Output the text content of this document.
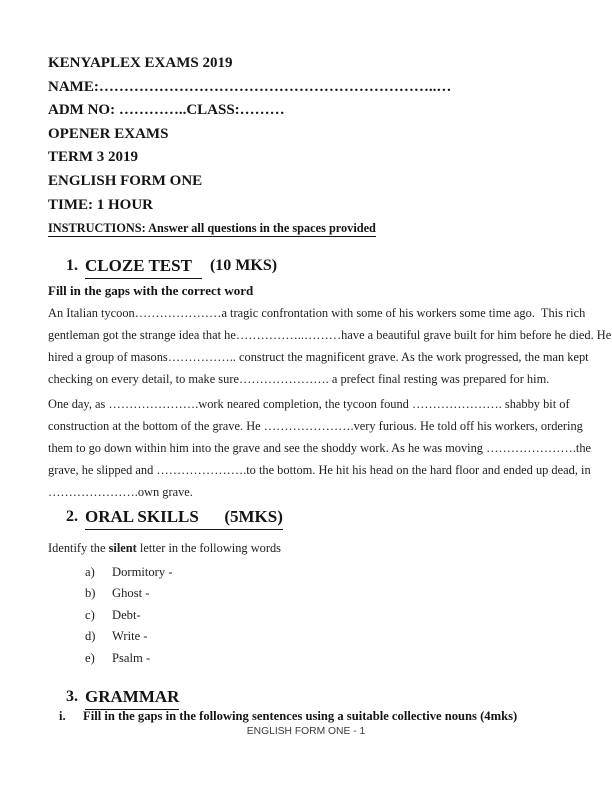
KENYAPLEX EXAMS 2019
NAME:…………………………………………………………..…
ADM NO: …………..CLASS:………
OPENER EXAMS
TERM 3 2019
ENGLISH FORM ONE
TIME: 1 HOUR
INSTRUCTIONS: Answer all questions in the spaces provided
1. CLOZE TEST	(10 MKS)
Fill in the gaps with the correct word
An Italian tycoon…………………a tragic confrontation with some of his workers some time ago.  This rich
gentleman got the strange idea that he……………..………have a beautiful grave built for him before he died. He
hired a group of masons…………….. construct the magnificent grave. As the work progressed, the man kept
checking on every detail, to make sure…………………. a prefect final resting was prepared for him.
One day, as ………………….work neared completion, the tycoon found …………………. shabby bit of
construction at the bottom of the grave. He ………………….very furious. He told off his workers, ordering
them to go down within him into the grave and see the shoddy work. As he was moving ………………….the
grave, he slipped and ………………….to the bottom. He hit his head on the hard floor and ended up dead, in
………………….own grave.
2. ORAL SKILLS      (5MKS)
Identify the silent letter in the following words
a)	Dormitory -
b)	Ghost -
c)	Debt-
d)	Write -
e)	Psalm -
3. GRAMMAR
i.	Fill in the gaps in the following sentences using a suitable collective nouns (4mks)
ENGLISH FORM ONE - 1
